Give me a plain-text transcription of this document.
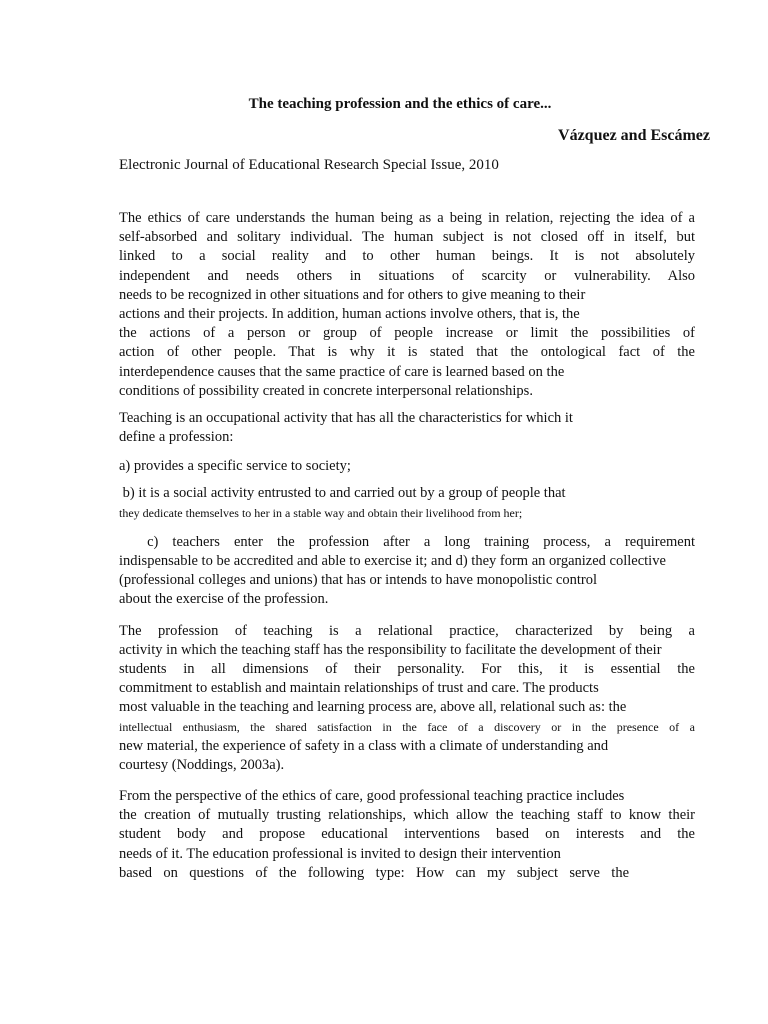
The teaching profession and the ethics of care...
Vázquez and Escámez
Electronic Journal of Educational Research Special Issue, 2010

The ethics of care understands the human being as a being in relation, rejecting the idea of a
self-absorbed and solitary individual. The human subject is not closed off in itself, but
linked to a social reality and to other human beings. It is not absolutely
independent and needs others in situations of scarcity or vulnerability. Also
needs to be recognized in other situations and for others to give meaning to their
actions and their projects. In addition, human actions involve others, that is, the
the actions of a person or group of people increase or limit the possibilities of
action of other people. That is why it is stated that the ontological fact of the
interdependence causes that the same practice of care is learned based on the
conditions of possibility created in concrete interpersonal relationships.

Teaching is an occupational activity that has all the characteristics for which it
define a profession:

a) provides a specific service to society;

b) it is a social activity entrusted to and carried out by a group of people that
they dedicate themselves to her in a stable way and obtain their livelihood from her;

c) teachers enter the profession after a long training process, a requirement
indispensable to be accredited and able to exercise it; and d) they form an organized collective
(professional colleges and unions) that has or intends to have monopolistic control
about the exercise of the profession.

The profession of teaching is a relational practice, characterized by being a
activity in which the teaching staff has the responsibility to facilitate the development of their
students in all dimensions of their personality. For this, it is essential the
commitment to establish and maintain relationships of trust and care. The products
most valuable in the teaching and learning process are, above all, relational such as: the
intellectual enthusiasm, the shared satisfaction in the face of a discovery or in the presence of a
new material, the experience of safety in a class with a climate of understanding and
courtesy (Noddings, 2003a).

From the perspective of the ethics of care, good professional teaching practice includes
the creation of mutually trusting relationships, which allow the teaching staff to know their
student body and propose educational interventions based on interests and the
needs of it. The education professional is invited to design their intervention
based on questions of the following type: How can my subject serve the
